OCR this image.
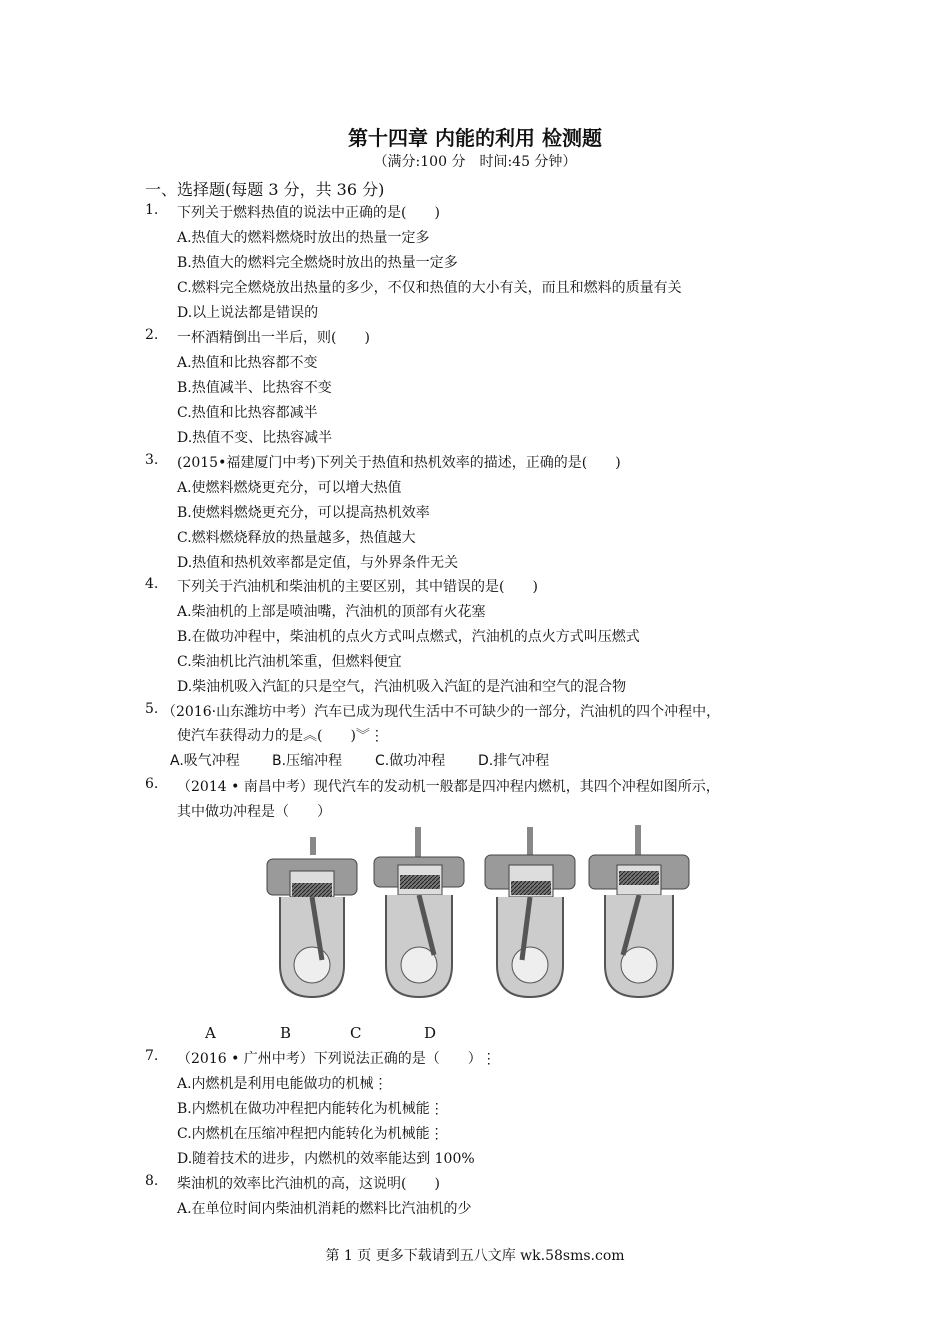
第十四章 内能的利用 检测题
（满分:100 分　时间:45 分钟）
一、选择题(每题 3 分，共 36 分)
1. 下列关于燃料热值的说法中正确的是(　　)
A.热值大的燃料燃烧时放出的热量一定多
B.热值大的燃料完全燃烧时放出的热量一定多
C.燃料完全燃烧放出热量的多少，不仅和热值的大小有关，而且和燃料的质量有关
D.以上说法都是错误的
2. 一杯酒精倒出一半后，则(　　)
A.热值和比热容都不变
B.热值减半、比热容不变
C.热值和比热容都减半
D.热值不变、比热容减半
3. (2015•福建厦门中考)下列关于热值和热机效率的描述，正确的是(　　)
A.使燃料燃烧更充分，可以增大热值
B.使燃料燃烧更充分，可以提高热机效率
C.燃料燃烧释放的热量越多，热值越大
D.热值和热机效率都是定值，与外界条件无关
4. 下列关于汽油机和柴油机的主要区别，其中错误的是(　　)
A.柴油机的上部是喷油嘴，汽油机的顶部有火花塞
B.在做功冲程中，柴油机的点火方式叫点燃式，汽油机的点火方式叫压燃式
C.柴油机比汽油机笨重，但燃料便宜
D.柴油机吸入汽缸的只是空气，汽油机吸入汽缸的是汽油和空气的混合物
5. （2016·山东潍坊中考）汽车已成为现代生活中不可缺少的一部分，汽油机的四个冲程中，
使汽车获得动力的是︽(　　)︾⋮
A.吸气冲程 B.压缩冲程 C.做功冲程 D.排气冲程
6. （2014 • 南昌中考）现代汽车的发动机一般都是四冲程内燃机，其四个冲程如图所示，
其中做功冲程是（　　）
A	B	C	D
7. （2016 • 广州中考）下列说法正确的是（　　）⋮
A.内燃机是利用电能做功的机械⋮
B.内燃机在做功冲程把内能转化为机械能⋮
C.内燃机在压缩冲程把内能转化为机械能⋮
D.随着技术的进步，内燃机的效率能达到 100%
8. 柴油机的效率比汽油机的高，这说明(　　)
A.在单位时间内柴油机消耗的燃料比汽油机的少
第 1 页 更多下载请到五八文库 wk.58sms.com
